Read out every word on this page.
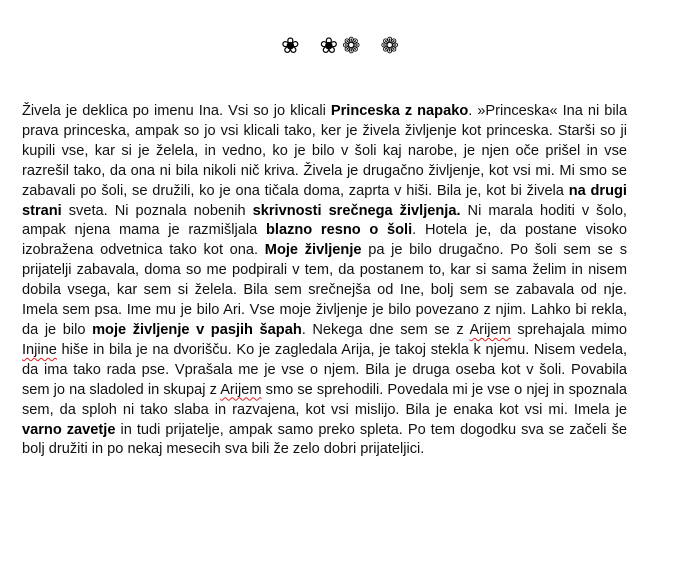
❀ ❀❁ ❁

Živela je deklica po imenu Ina. Vsi so jo klicali Princeska z napako. »Princeska« Ina ni bila prava princeska, ampak so jo vsi klicali tako, ker je živela življenje kot princeska. Starši so ji kupili vse, kar si je želela, in vedno, ko je bilo v šoli kaj narobe, je njen oče prišel in vse razrešil tako, da ona ni bila nikoli nič kriva. Živela je drugačno življenje, kot vsi mi. Mi smo se zabavali po šoli, se družili, ko je ona tičala doma, zaprta v hiši. Bila je, kot bi živela na drugi strani sveta. Ni poznala nobenih skrivnosti srečnega življenja. Ni marala hoditi v šolo, ampak njena mama je razmišljala blazno resno o šoli. Hotela je, da postane visoko izobražena odvetnica tako kot ona. Moje življenje pa je bilo drugačno. Po šoli sem se s prijatelji zabavala, doma so me podpirali v tem, da postanem to, kar si sama želim in nisem dobila vsega, kar sem si želela. Bila sem srečnejša od Ine, bolj sem se zabavala od nje. Imela sem psa. Ime mu je bilo Ari. Vse moje življenje je bilo povezano z njim. Lahko bi rekla, da je bilo moje življenje v pasjih šapah. Nekega dne sem se z Arijem sprehajala mimo Injine hiše in bila je na dvorišču. Ko je zagledala Arija, je takoj stekla k njemu. Nisem vedela, da ima tako rada pse. Vprašala me je vse o njem. Bila je druga oseba kot v šoli. Povabila sem jo na sladoled in skupaj z Arijem smo se sprehodili. Povedala mi je vse o njej in spoznala sem, da sploh ni tako slaba in razvajena, kot vsi mislijo. Bila je enaka kot vsi mi. Imela je varno zavetje in tudi prijatelje, ampak samo preko spleta. Po tem dogodku sva se začeli še bolj družiti in po nekaj mesecih sva bili že zelo dobri prijateljici.
